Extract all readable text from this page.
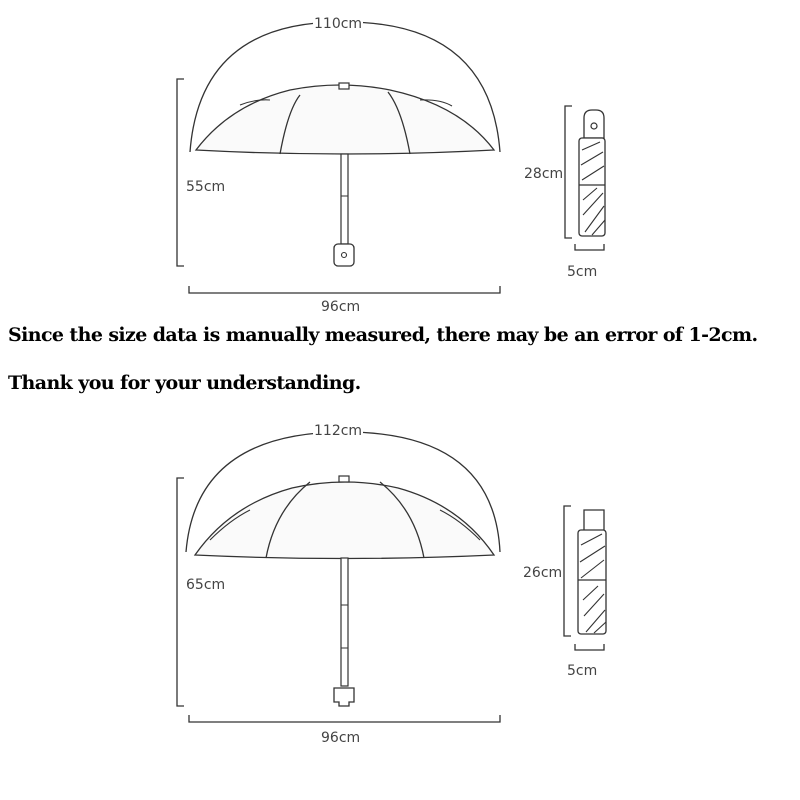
110cm
55cm
96cm
28cm
5cm

Since the size data is manually measured, there may be an error of 1-2cm.

Thank you for your understanding.

112cm
65cm
96cm
26cm
5cm
